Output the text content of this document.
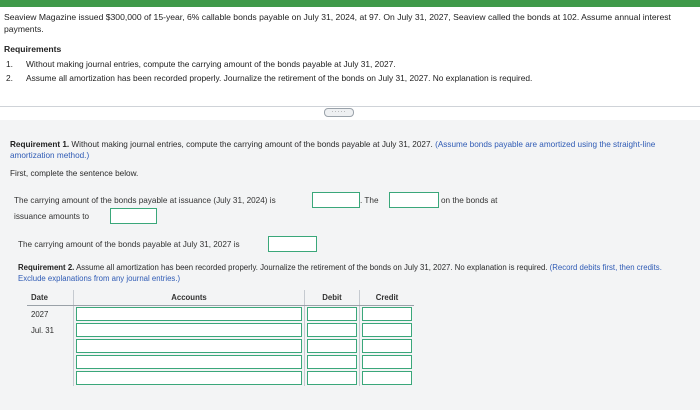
Seaview Magazine issued $300,000 of 15-year, 6% callable bonds payable on July 31, 2024, at 97. On July 31, 2027, Seaview called the bonds at 102. Assume annual interest payments.
Requirements
1. Without making journal entries, compute the carrying amount of the bonds payable at July 31, 2027.
2. Assume all amortization has been recorded properly. Journalize the retirement of the bonds on July 31, 2027. No explanation is required.
·····
Requirement 1. Without making journal entries, compute the carrying amount of the bonds payable at July 31, 2027. (Assume bonds payable are amortized using the straight-line amortization method.)
First, complete the sentence below.
The carrying amount of the bonds payable at issuance (July 31, 2024) is	. The	on the bonds at
issuance amounts to
The carrying amount of the bonds payable at July 31, 2027 is
Requirement 2. Assume all amortization has been recorded properly. Journalize the retirement of the bonds on July 31, 2027. No explanation is required. (Record debits first, then credits. Exclude explanations from any journal entries.)
Date	Accounts	Debit	Credit
2027	

Jul. 31	
